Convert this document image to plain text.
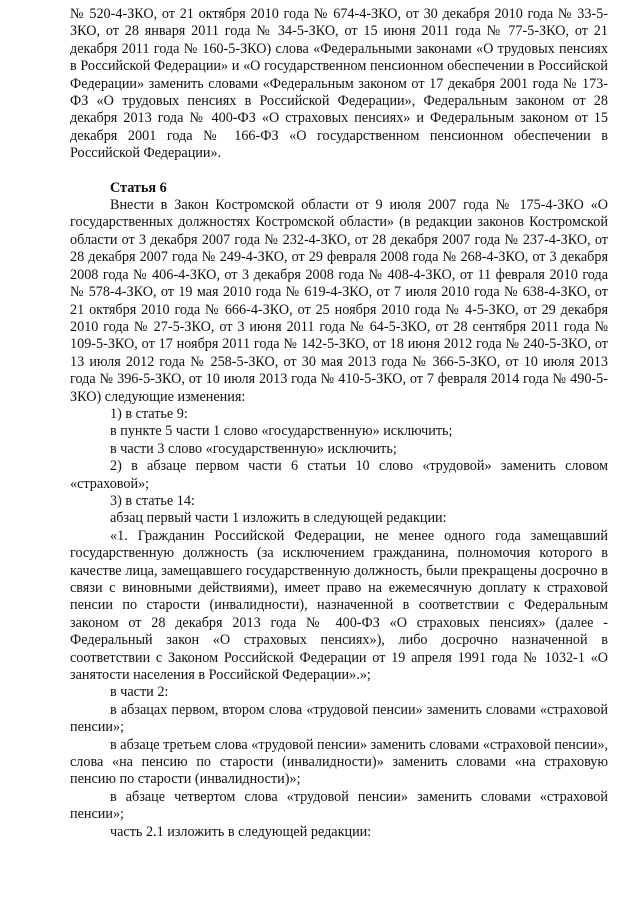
№ 520-4-ЗКО, от 21 октября 2010 года № 674-4-ЗКО, от 30 декабря 2010 года № 33-5-ЗКО, от 28 января 2011 года № 34-5-ЗКО, от 15 июня 2011 года № 77-5-ЗКО, от 21 декабря 2011 года № 160-5-ЗКО) слова «Федеральными законами «О трудовых пенсиях в Российской Федерации» и «О государственном пенсионном обеспечении в Российской Федерации» заменить словами «Федеральным законом от 17 декабря 2001 года № 173-ФЗ «О трудовых пенсиях в Российской Федерации», Федеральным законом от 28 декабря 2013 года № 400-ФЗ «О страховых пенсиях» и Федеральным законом от 15 декабря 2001 года № 166-ФЗ «О государственном пенсионном обеспечении в Российской Федерации».

Статья 6

Внести в Закон Костромской области от 9 июля 2007 года № 175-4-ЗКО «О государственных должностях Костромской области» (в редакции законов Костромской области от 3 декабря 2007 года № 232-4-ЗКО, от 28 декабря 2007 года № 237-4-ЗКО, от 28 декабря 2007 года № 249-4-ЗКО, от 29 февраля 2008 года № 268-4-ЗКО, от 3 декабря 2008 года № 406-4-ЗКО, от 3 декабря 2008 года № 408-4-ЗКО, от 11 февраля 2010 года № 578-4-ЗКО, от 19 мая 2010 года № 619-4-ЗКО, от 7 июля 2010 года № 638-4-ЗКО, от 21 октября 2010 года № 666-4-ЗКО, от 25 ноября 2010 года № 4-5-ЗКО, от 29 декабря 2010 года № 27-5-ЗКО, от 3 июня 2011 года № 64-5-ЗКО, от 28 сентября 2011 года № 109-5-ЗКО, от 17 ноября 2011 года № 142-5-ЗКО, от 18 июня 2012 года № 240-5-ЗКО, от 13 июля 2012 года № 258-5-ЗКО, от 30 мая 2013 года № 366-5-ЗКО, от 10 июля 2013 года № 396-5-ЗКО, от 10 июля 2013 года № 410-5-ЗКО, от 7 февраля 2014 года № 490-5-ЗКО) следующие изменения:

1) в статье 9:

в пункте 5 части 1 слово «государственную» исключить;

в части 3 слово «государственную» исключить;

2) в абзаце первом части 6 статьи 10 слово «трудовой» заменить словом «страховой»;

3) в статье 14:

абзац первый части 1 изложить в следующей редакции:

«1. Гражданин Российской Федерации, не менее одного года замещавший государственную должность (за исключением гражданина, полномочия которого в качестве лица, замещавшего государственную должность, были прекращены досрочно в связи с виновными действиями), имеет право на ежемесячную доплату к страховой пенсии по старости (инвалидности), назначенной в соответствии с Федеральным законом от 28 декабря 2013 года № 400-ФЗ «О страховых пенсиях» (далее - Федеральный закон «О страховых пенсиях»), либо досрочно назначенной в соответствии с Законом Российской Федерации от 19 апреля 1991 года № 1032-1 «О занятости населения в Российской Федерации».»;

в части 2:

в абзацах первом, втором слова «трудовой пенсии» заменить словами «страховой пенсии»;

в абзаце третьем слова «трудовой пенсии» заменить словами «страховой пенсии», слова «на пенсию по старости (инвалидности)» заменить словами «на страховую пенсию по старости (инвалидности)»;

в абзаце четвертом слова «трудовой пенсии» заменить словами «страховой пенсии»;

часть 2.1 изложить в следующей редакции:
